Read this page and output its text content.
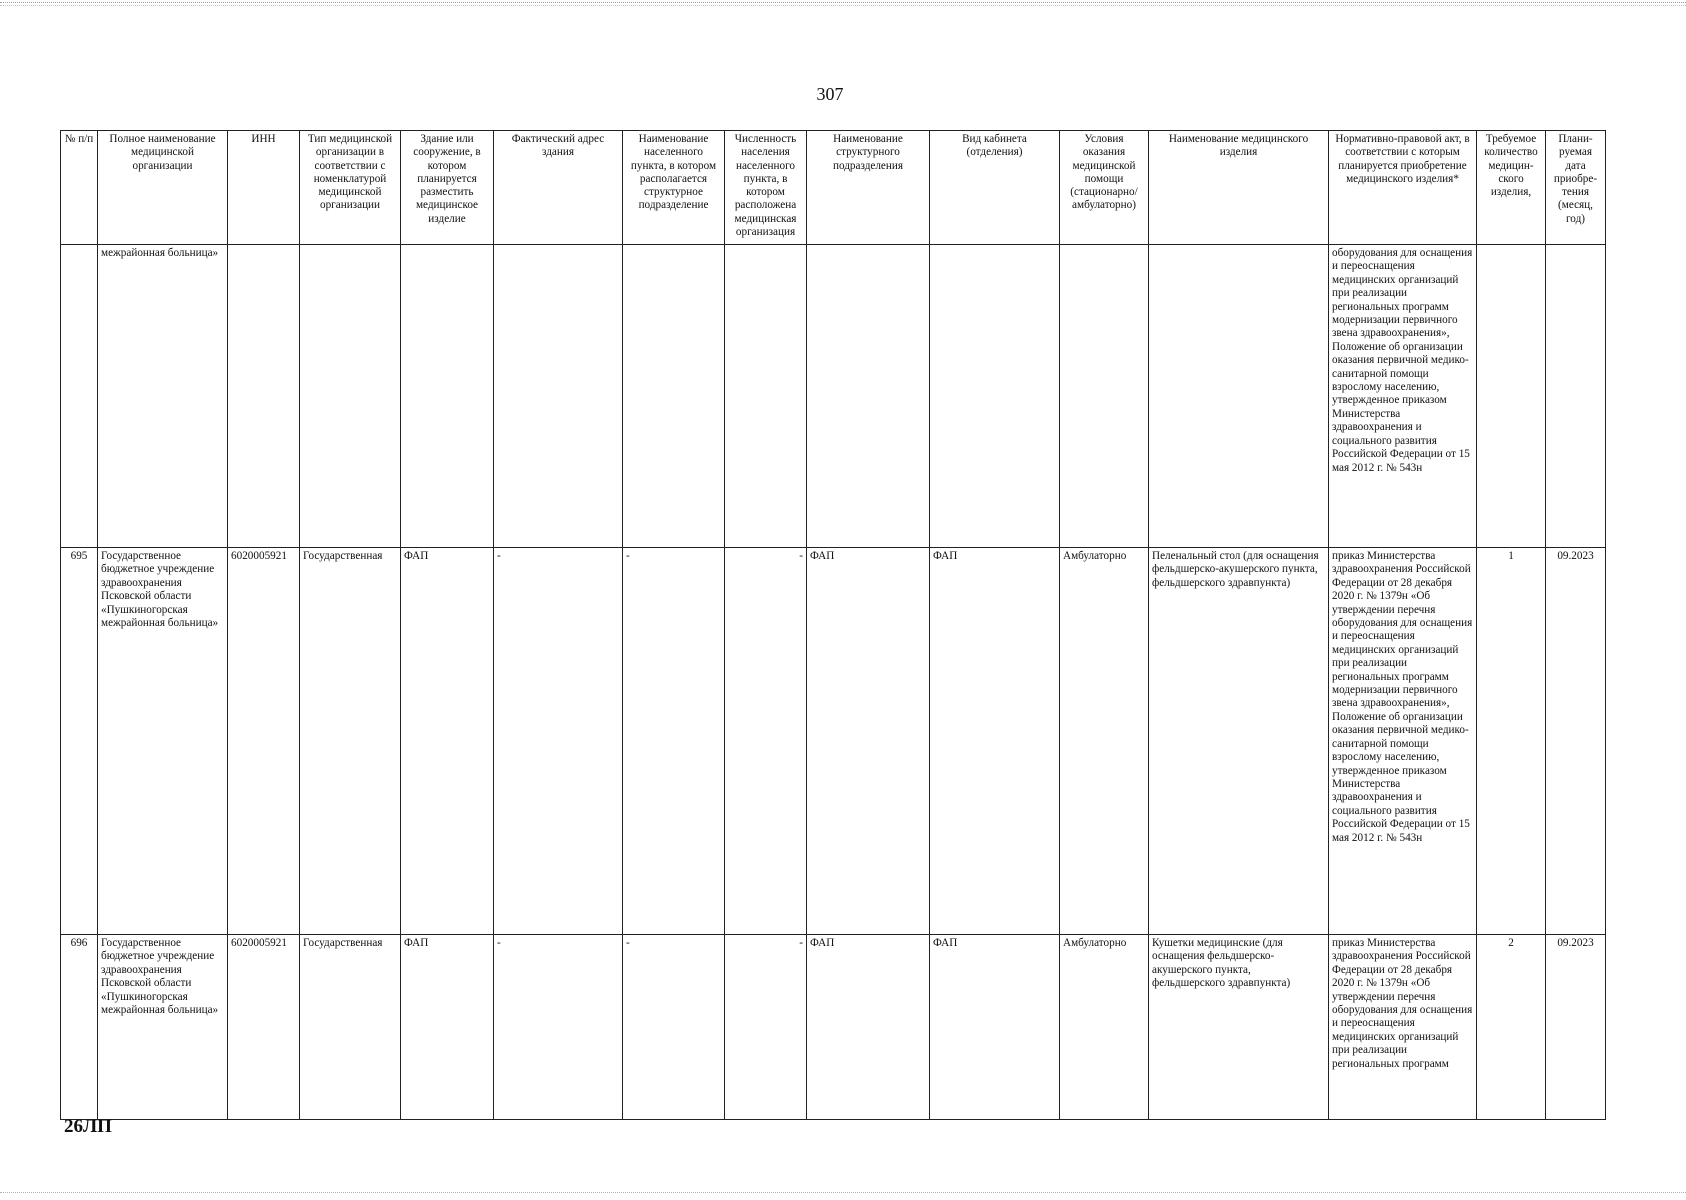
307
№ п/п	Полное наименование медицинской организации	ИНН	Тип медицинской организации в соответствии с номенклатурой медицинской организации	Здание или сооружение, в котором планируется разместить медицинское изделие	Фактический адрес здания	Наименование населенного пункта, в котором располагается структурное подразделение	Численность населения населенного пункта, в котором расположена медицинская организация	Наименование структурного подразделения	Вид кабинета (отделения)	Условия оказания медицинской помощи (стационарно/ амбулаторно)	Наименование медицинского изделия	Нормативно-правовой акт, в соответствии с которым планируется приобретение медицинского изделия*	Требуемое количество медицин-ского изделия,	Плани-руемая дата приобре-тения (месяц, год)
	межрайонная больница»											оборудования для оснащения и переоснащения медицинских организаций при реализации региональных программ модернизации первичного звена здравоохранения», Положение об организации оказания первичной медико-санитарной помощи взрослому населению, утвержденное приказом Министерства здравоохранения и социального развития Российской Федерации от 15 мая 2012 г. № 543н		
695	Государственное бюджетное учреждение здравоохранения Псковской области «Пушкиногорская межрайонная больница»	6020005921	Государственная	ФАП	-	-	-	ФАП	ФАП	Амбулаторно	Пеленальный стол (для оснащения фельдшерско-акушерского пункта, фельдшерского здравпункта)	приказ Министерства здравоохранения Российской Федерации от 28 декабря 2020 г. № 1379н «Об утверждении перечня оборудования для оснащения и переоснащения медицинских организаций при реализации региональных программ модернизации первичного звена здравоохранения», Положение об организации оказания первичной медико-санитарной помощи взрослому населению, утвержденное приказом Министерства здравоохранения и социального развития Российской Федерации от 15 мая 2012 г. № 543н	1	09.2023
696	Государственное бюджетное учреждение здравоохранения Псковской области «Пушкиногорская межрайонная больница»	6020005921	Государственная	ФАП	-	-	-	ФАП	ФАП	Амбулаторно	Кушетки медицинские (для оснащения фельдшерско-акушерского пункта, фельдшерского здравпункта)	приказ Министерства здравоохранения Российской Федерации от 28 декабря 2020 г. № 1379н «Об утверждении перечня оборудования для оснащения и переоснащения медицинских организаций при реализации региональных программ	2	09.2023
26ЛП
